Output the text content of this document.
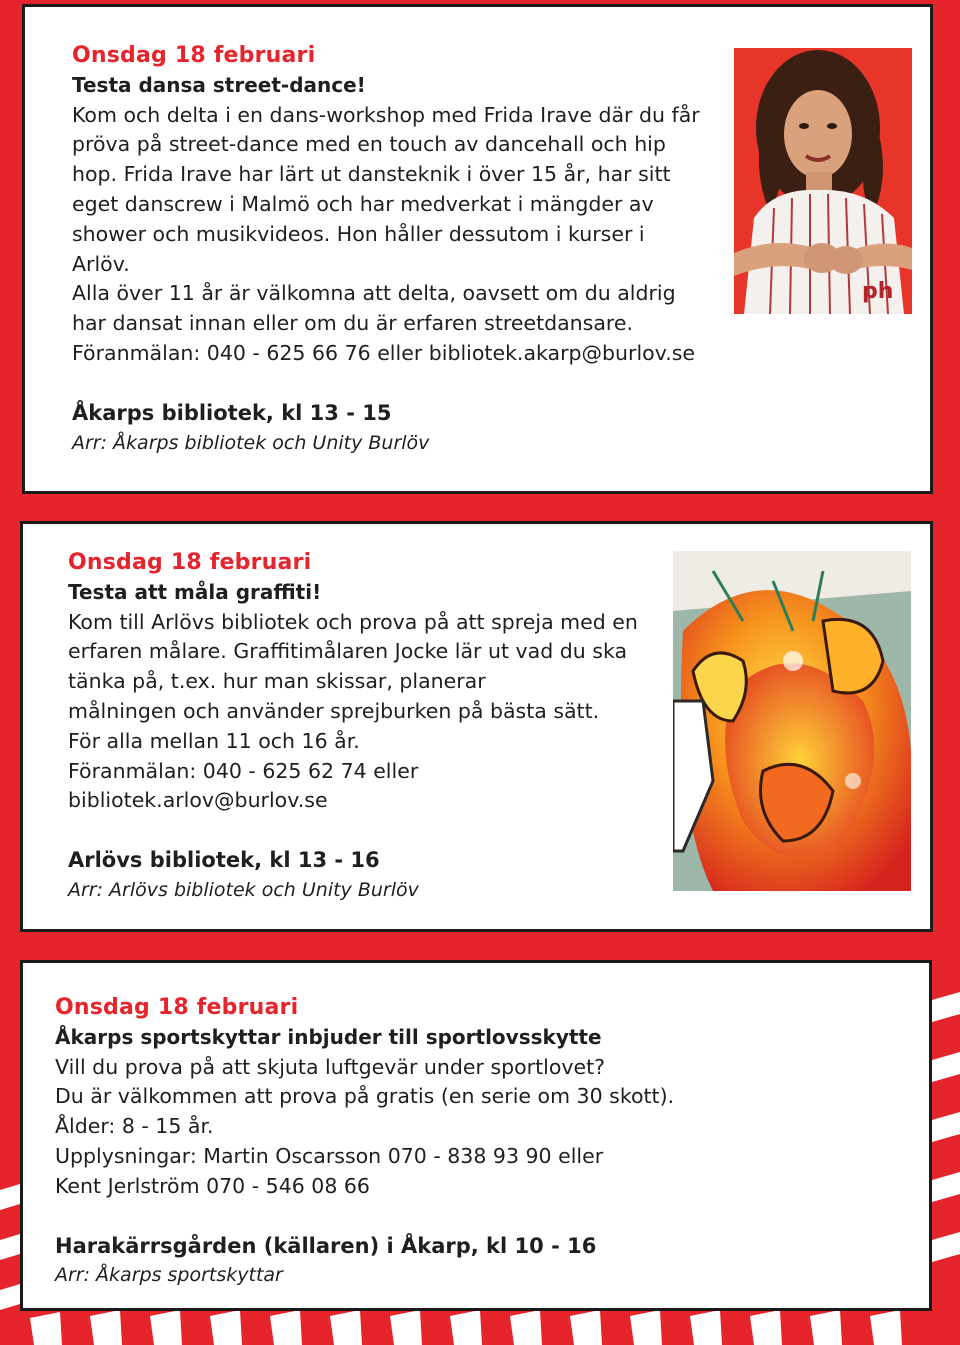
Onsdag 18 februari
Testa dansa street-dance!
Kom och delta i en dans-workshop med Frida Irave där du får
pröva på street-dance med en touch av dancehall och hip
hop. Frida Irave har lärt ut dansteknik i över 15 år, har sitt
eget danscrew i Malmö och har medverkat i mängder av
shower och musikvideos. Hon håller dessutom i kurser i
Arlöv.
Alla över 11 år är välkomna att delta, oavsett om du aldrig
har dansat innan eller om du är erfaren streetdansare.
Föranmälan: 040 - 625 66 76 eller bibliotek.akarp@burlov.se
Åkarps bibliotek, kl 13 - 15
Arr: Åkarps bibliotek och Unity Burlöv
ph
Onsdag 18 februari
Testa att måla graffiti!
Kom till Arlövs bibliotek och prova på att spreja med en
erfaren målare. Graffitimålaren Jocke lär ut vad du ska
tänka på, t.ex. hur man skissar, planerar
målningen och använder sprejburken på bästa sätt.
För alla mellan 11 och 16 år.
Föranmälan: 040 - 625 62 74 eller
bibliotek.arlov@burlov.se
Arlövs bibliotek, kl 13 - 16
Arr: Arlövs bibliotek och Unity Burlöv
Onsdag 18 februari
Åkarps sportskyttar inbjuder till sportlovsskytte
Vill du prova på att skjuta luftgevär under sportlovet?
Du är välkommen att prova på gratis (en serie om 30 skott).
Ålder: 8 - 15 år.
Upplysningar: Martin Oscarsson 070 - 838 93 90 eller
Kent Jerlström 070 - 546 08 66
Harakärrsgården (källaren) i Åkarp, kl 10 - 16
Arr: Åkarps sportskyttar
